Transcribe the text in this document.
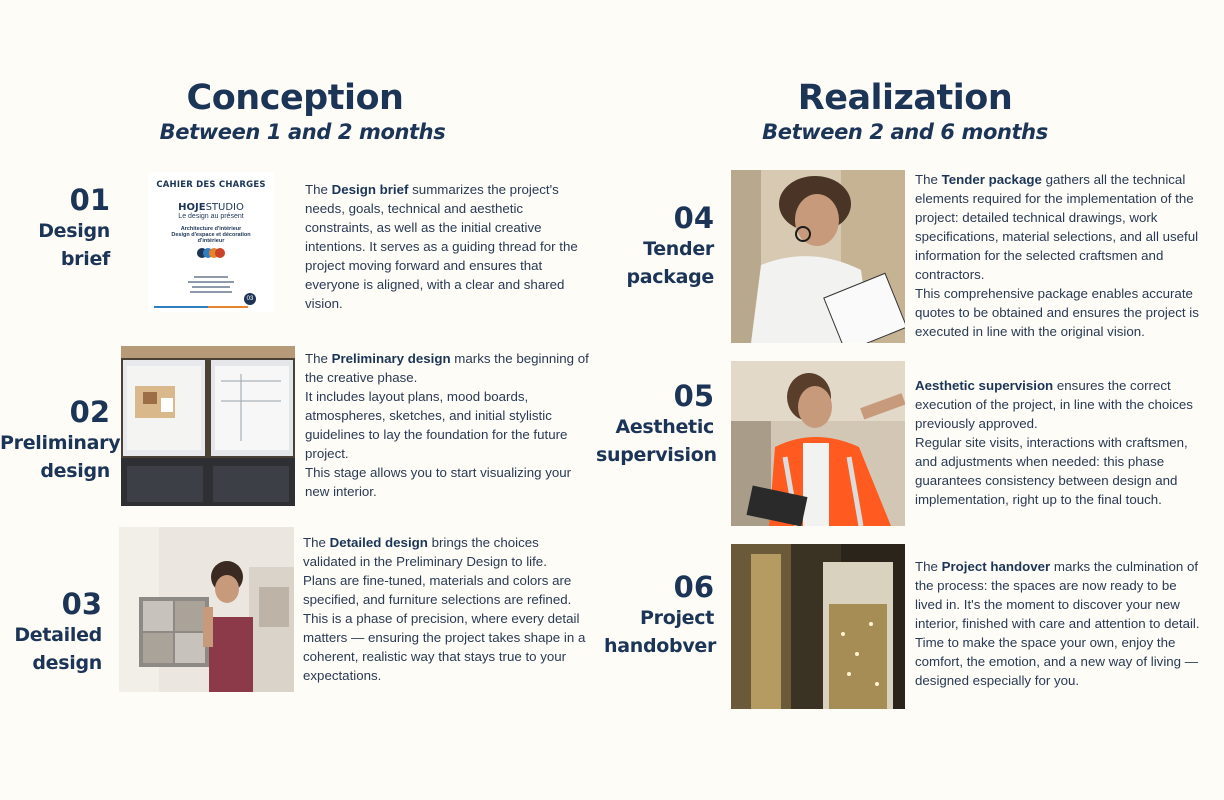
Conception
Between 1 and 2 months
Realization
Between 2 and 6 months
01
Design
brief
CAHIER DES CHARGES
HOJESTUDIO
Le design au présent
Architecture d'intérieur
Design d'espace et décoration
d'intérieur
03
The Design brief summarizes the project's needs, goals, technical and aesthetic constraints, as well as the initial creative intentions. It serves as a guiding thread for the project moving forward and ensures that everyone is aligned, with a clear and shared vision.
02
Preliminary
design
The Preliminary design marks the beginning of the creative phase.
It includes layout plans, mood boards, atmospheres, sketches, and initial stylistic guidelines to lay the foundation for the future project.
This stage allows you to start visualizing your new interior.
03
Detailed
design
The Detailed design brings the choices validated in the Preliminary Design to life.
Plans are fine-tuned, materials and colors are specified, and furniture selections are refined.
This is a phase of precision, where every detail matters — ensuring the project takes shape in a coherent, realistic way that stays true to your expectations.
04
Tender
package
The Tender package gathers all the technical elements required for the implementation of the project: detailed technical drawings, work specifications, material selections, and all useful information for the selected craftsmen and contractors.
This comprehensive package enables accurate quotes to be obtained and ensures the project is executed in line with the original vision.
05
Aesthetic
supervision
Aesthetic supervision ensures the correct execution of the project, in line with the choices previously approved.
Regular site visits, interactions with craftsmen, and adjustments when needed: this phase guarantees consistency between design and implementation, right up to the final touch.
06
Project
handobver
The Project handover marks the culmination of the process: the spaces are now ready to be lived in. It's the moment to discover your new interior, finished with care and attention to detail. Time to make the space your own, enjoy the comfort, the emotion, and a new way of living — designed especially for you.
